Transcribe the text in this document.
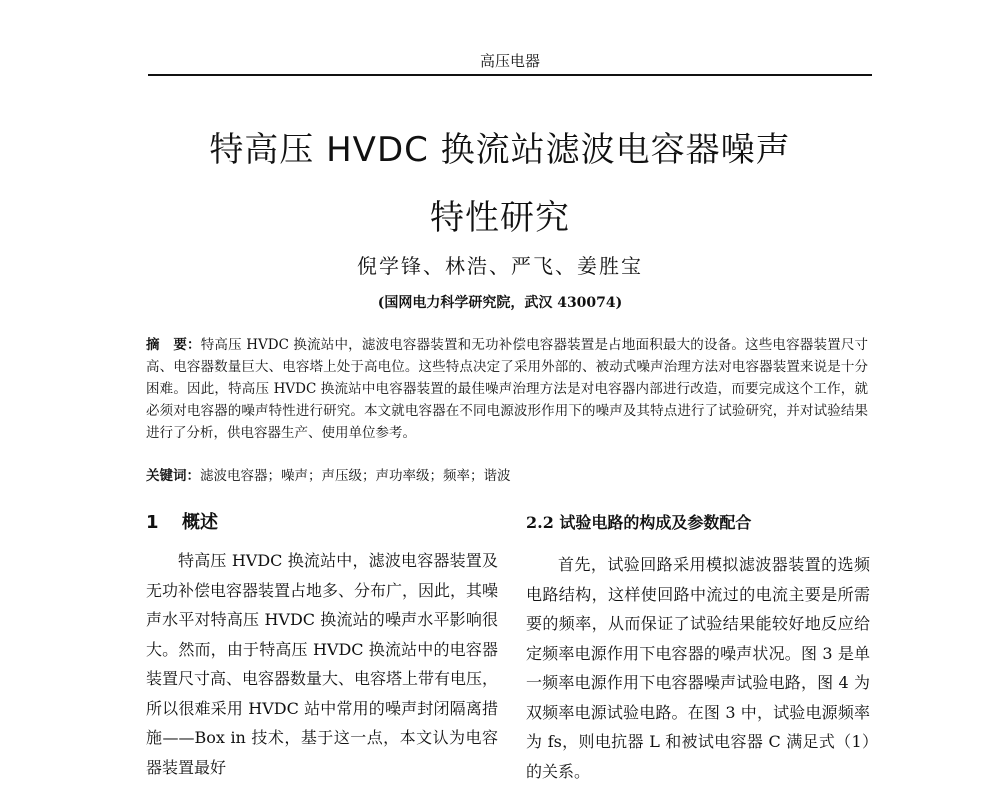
高压电器
特高压 HVDC 换流站滤波电容器噪声
特性研究
倪学锋、林浩、严飞、姜胜宝
(国网电力科学研究院，武汉 430074)

摘　要：特高压 HVDC 换流站中，滤波电容器装置和无功补偿电容器装置是占地面积最大的设备。这些电容器装置尺寸高、电容器数量巨大、电容塔上处于高电位。这些特点决定了采用外部的、被动式噪声治理方法对电容器装置来说是十分困难。因此，特高压 HVDC 换流站中电容器装置的最佳噪声治理方法是对电容器内部进行改造，而要完成这个工作，就必须对电容器的噪声特性进行研究。本文就电容器在不同电源波形作用下的噪声及其特点进行了试验研究，并对试验结果进行了分析，供电容器生产、使用单位参考。

关键词：滤波电容器；噪声；声压级；声功率级；频率；谐波
1 概述

特高压 HVDC 换流站中，滤波电容器装置及无功补偿电容器装置占地多、分布广，因此，其噪声水平对特高压 HVDC 换流站的噪声水平影响很大。然而，由于特高压 HVDC 换流站中的电容器装置尺寸高、电容器数量大、电容塔上带有电压，所以很难采用 HVDC 站中常用的噪声封闭隔离措施——Box in 技术，基于这一点，本文认为电容器装置最好

2.2 试验电路的构成及参数配合

首先，试验回路采用模拟滤波器装置的选频电路结构，这样使回路中流过的电流主要是所需要的频率，从而保证了试验结果能较好地反应给定频率电源作用下电容器的噪声状况。图 3 是单一频率电源作用下电容器噪声试验电路，图 4 为双频率电源试验电路。在图 3 中，试验电源频率为 fs，则电抗器 L 和被试电容器 C 满足式（1）的关系。
